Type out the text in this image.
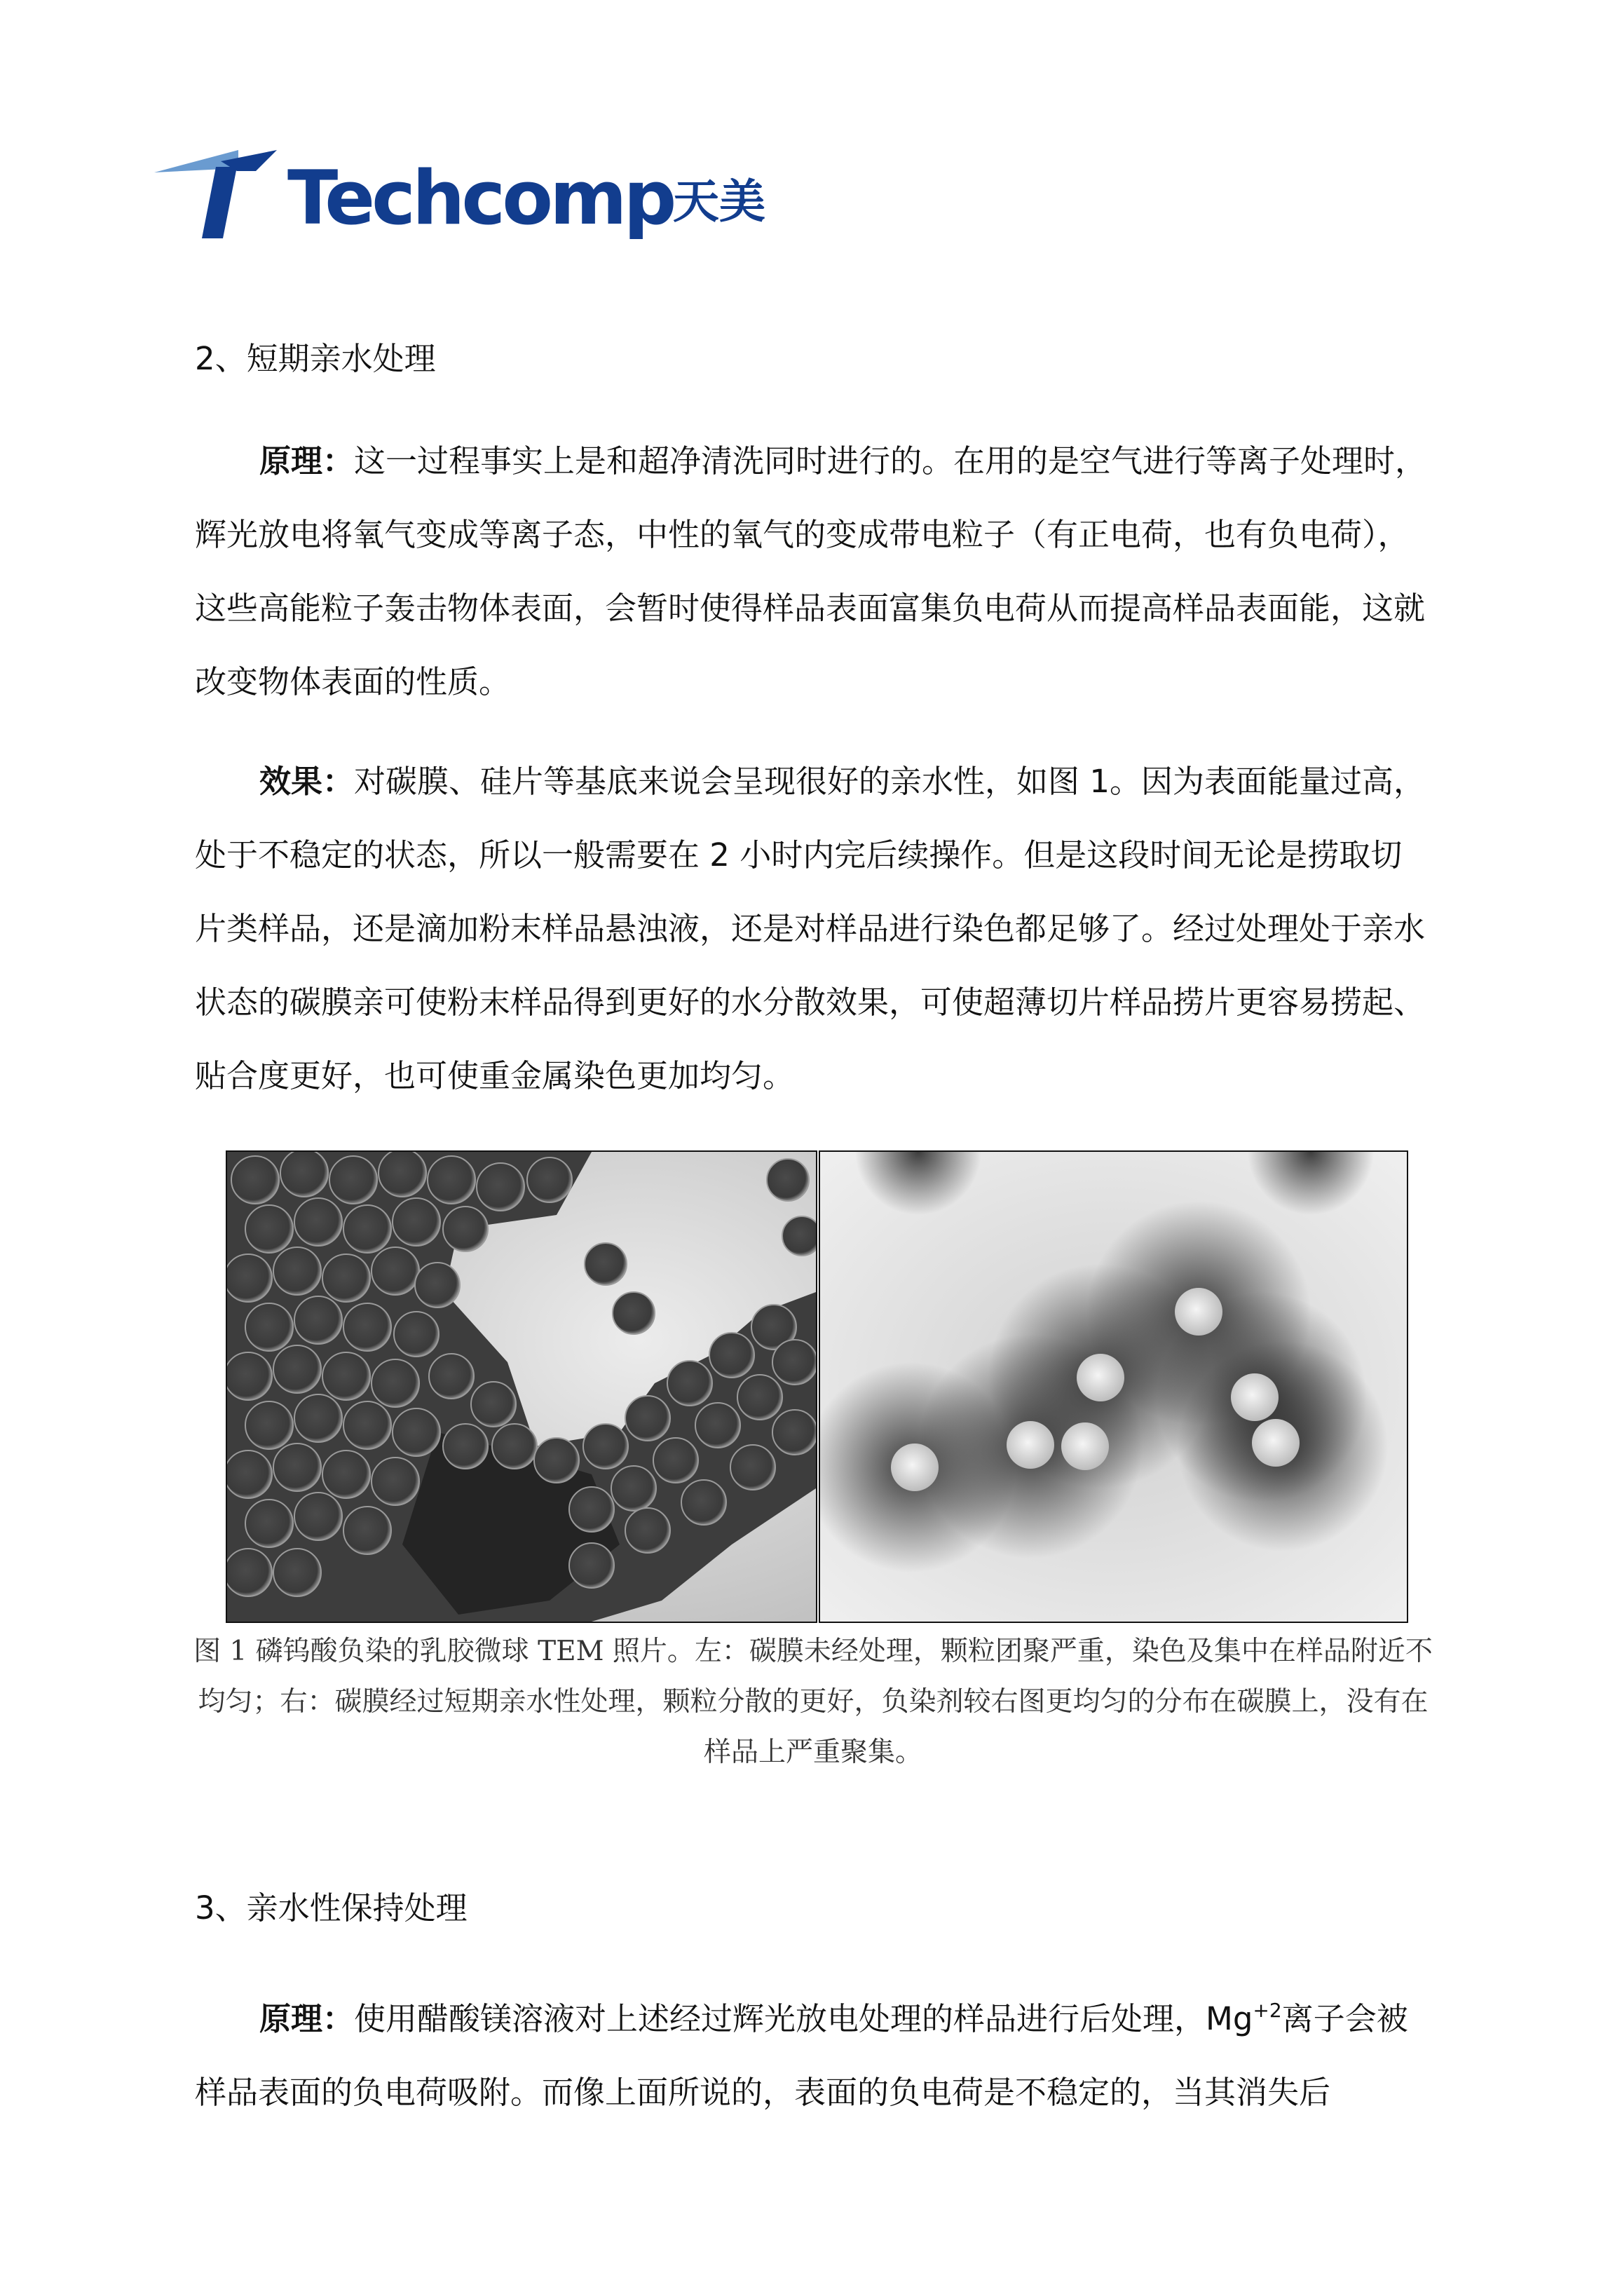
Techcomp 天美
2、短期亲水处理
原理：这一过程事实上是和超净清洗同时进行的。在用的是空气进行等离子处理时，辉光放电将氧气变成等离子态，中性的氧气的变成带电粒子（有正电荷，也有负电荷），这些高能粒子轰击物体表面，会暂时使得样品表面富集负电荷从而提高样品表面能，这就改变物体表面的性质。
效果：对碳膜、硅片等基底来说会呈现很好的亲水性，如图 1。因为表面能量过高，处于不稳定的状态，所以一般需要在 2 小时内完后续操作。但是这段时间无论是捞取切片类样品，还是滴加粉末样品悬浊液，还是对样品进行染色都足够了。经过处理处于亲水状态的碳膜亲可使粉末样品得到更好的水分散效果，可使超薄切片样品捞片更容易捞起、贴合度更好，也可使重金属染色更加均匀。
图 1 磷钨酸负染的乳胶微球 TEM 照片。左：碳膜未经处理，颗粒团聚严重，染色及集中在样品附近不均匀；右：碳膜经过短期亲水性处理，颗粒分散的更好，负染剂较右图更均匀的分布在碳膜上，没有在样品上严重聚集。
3、亲水性保持处理
原理：使用醋酸镁溶液对上述经过辉光放电处理的样品进行后处理，$Mg^{+2}$离子会被样品表面的负电荷吸附。而像上面所说的，表面的负电荷是不稳定的，当其消失后
